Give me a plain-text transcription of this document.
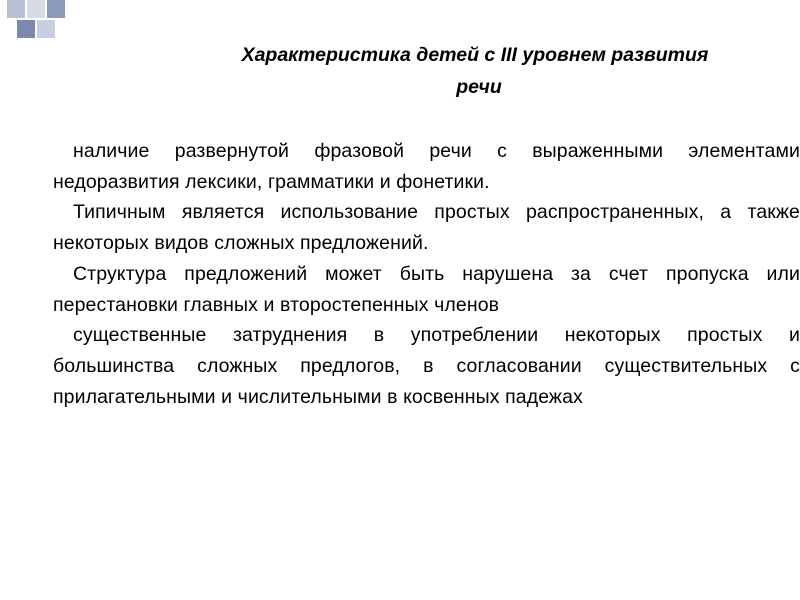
Характеристика детей с III уровнем развития
речи

наличие развернутой фразовой речи с выраженными элементами недоразвития лексики, грамматики и фонетики.

Типичным является использование простых распространенных, а также некоторых видов сложных предложений.

Структура предложений может быть нарушена за счет пропуска или перестановки главных и второстепенных членов

существенные затруднения в употреблении некоторых простых и большинства сложных предлогов, в согласовании существительных с прилагательными и числительными в косвенных падежах
